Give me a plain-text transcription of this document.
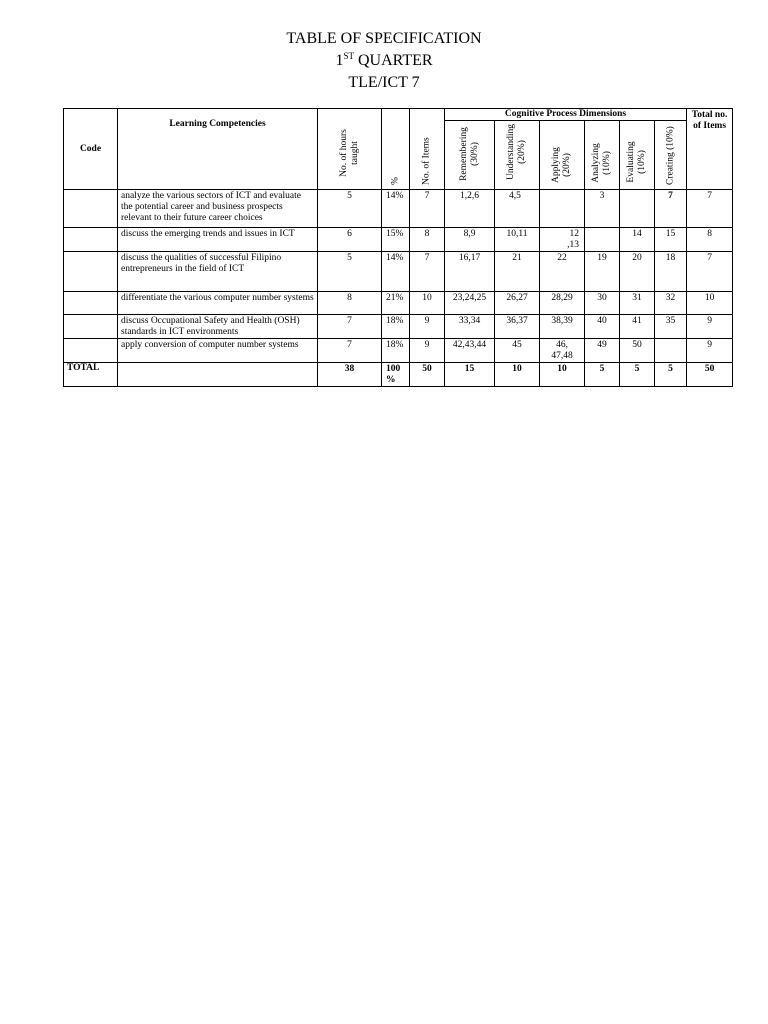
TABLE OF SPECIFICATION
1ST QUARTER
TLE/ICT 7
Code	Learning Competencies	No. of hours taught	%	No. of Items	Cognitive Process Dimensions						Total no. of Items

					Remembering (30%)	Understanding (20%)	Applying (20%)	Analyzing (10%)	Evaluating (10%)	Creating (10%)	

	analyze the various sectors of ICT and evaluate the potential career and business prospects relevant to their future career choices	5	14%	7	1,2,6	4,5		3		7	7
	discuss the emerging trends and issues in ICT	6	15%	8	8,9	10,11	12 ,13		14	15	8
	discuss the qualities of successful Filipino entrepreneurs in the field of ICT	5	14%	7	16,17	21	22	19	20	18	7
	differentiate the various computer number systems	8	21%	10	23,24,25	26,27	28,29	30	31	32	10
	discuss Occupational Safety and Health (OSH) standards in ICT environments	7	18%	9	33,34	36,37	38,39	40	41	35	9
	apply conversion of computer number systems	7	18%	9	42,43,44	45	46, 47,48	49	50		9
TOTAL		38	100 %	50	15	10	10	5	5	5	50
